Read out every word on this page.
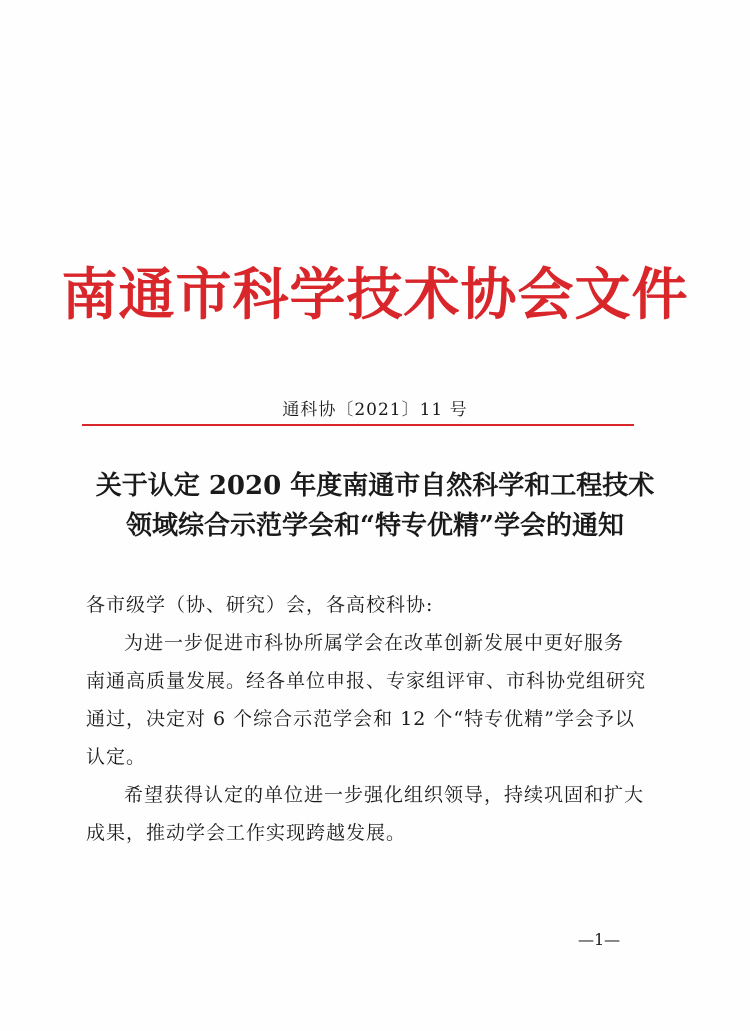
南通市科学技术协会文件
通科协〔2021〕11 号
关于认定 2020 年度南通市自然科学和工程技术
领域综合示范学会和“特专优精”学会的通知
各市级学（协、研究）会，各高校科协:
为进一步促进市科协所属学会在改革创新发展中更好服务
南通高质量发展。经各单位申报、专家组评审、市科协党组研究
通过，决定对 6 个综合示范学会和 12 个“特专优精”学会予以
认定。
希望获得认定的单位进一步强化组织领导，持续巩固和扩大
成果，推动学会工作实现跨越发展。
—1—
